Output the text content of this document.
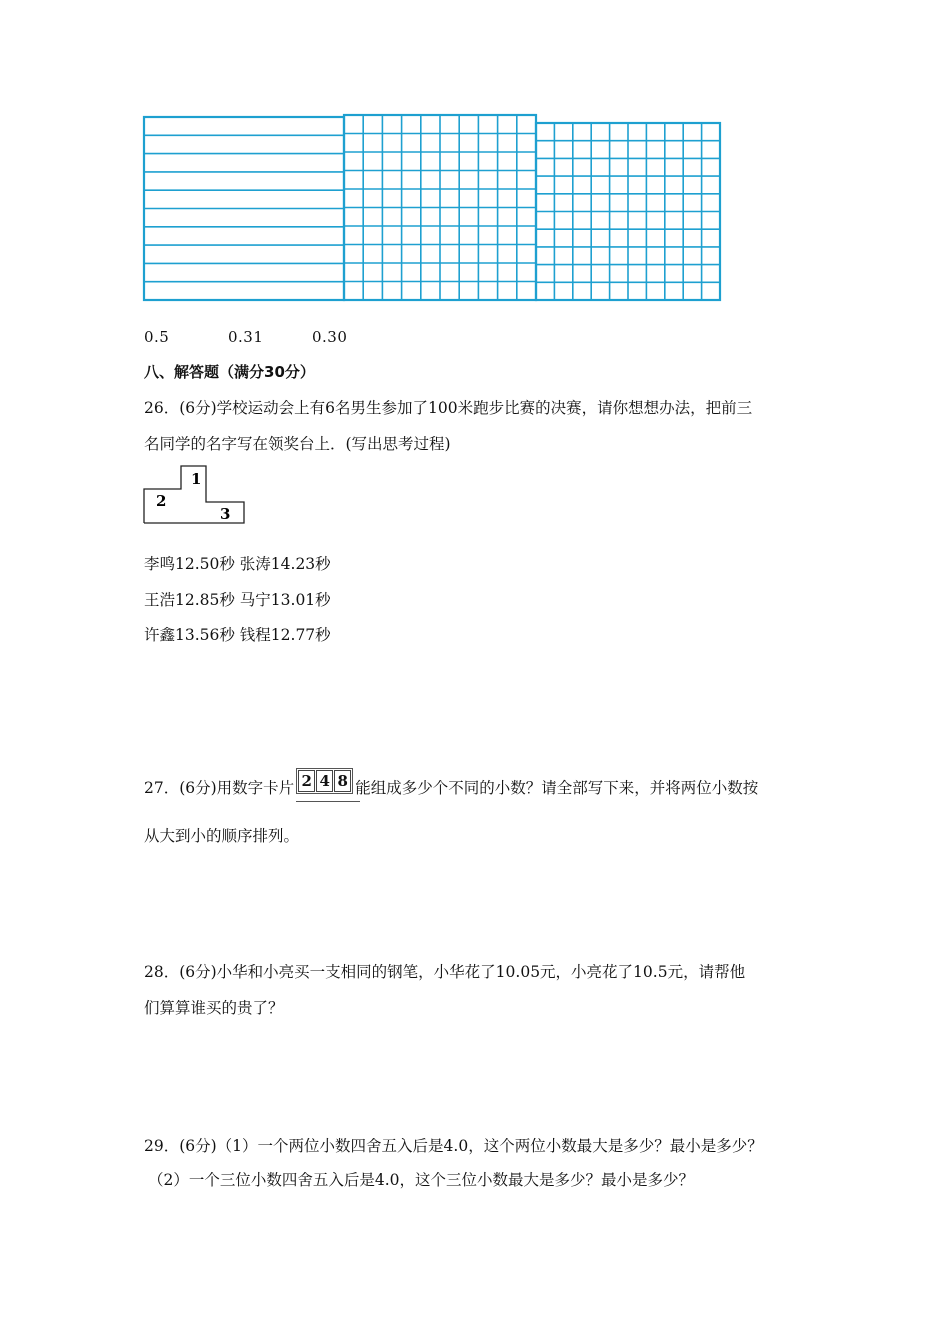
0.5	0.31	0.30
八、解答题（满分30分）
26．(6分)学校运动会上有6名男生参加了100米跑步比赛的决赛，请你想想办法，把前三
名同学的名字写在领奖台上．(写出思考过程)
1
2
3
李鸣12.50秒 张涛14.23秒
王浩12.85秒 马宁13.01秒
许鑫13.56秒 钱程12.77秒
27．(6分)用数字卡片 2 4 8 能组成多少个不同的小数？请全部写下来，并将两位小数按
从大到小的顺序排列。
28．(6分)小华和小亮买一支相同的钢笔，小华花了10.05元，小亮花了10.5元，请帮他
们算算谁买的贵了？
29．(6分)（1）一个两位小数四舍五入后是4.0，这个两位小数最大是多少？最小是多少？
（2）一个三位小数四舍五入后是4.0，这个三位小数最大是多少？最小是多少？
